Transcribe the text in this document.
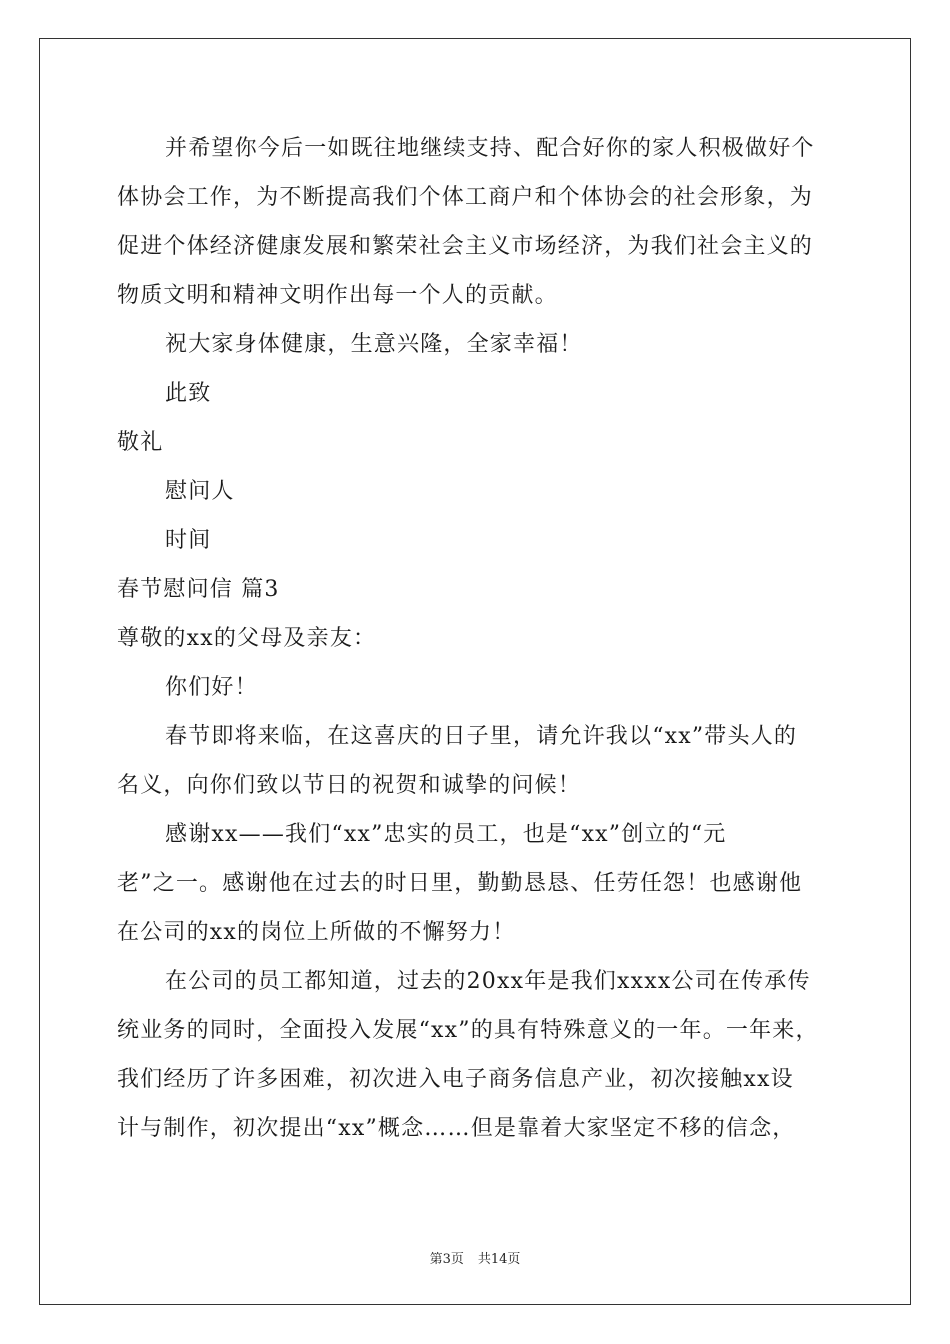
并希望你今后一如既往地继续支持、配合好你的家人积极做好个
体协会工作，为不断提高我们个体工商户和个体协会的社会形象，为
促进个体经济健康发展和繁荣社会主义市场经济，为我们社会主义的
物质文明和精神文明作出每一个人的贡献。
祝大家身体健康，生意兴隆，全家幸福！
此致
敬礼
慰问人
时间
春节慰问信 篇3
尊敬的xx的父母及亲友：
你们好！
春节即将来临，在这喜庆的日子里，请允许我以“xx”带头人的
名义，向你们致以节日的祝贺和诚挚的问候！
感谢xx——我们“xx”忠实的员工，也是“xx”创立的“元
老”之一。感谢他在过去的时日里，勤勤恳恳、任劳任怨！也感谢他
在公司的xx的岗位上所做的不懈努力！
在公司的员工都知道，过去的20xx年是我们xxxx公司在传承传
统业务的同时，全面投入发展“xx”的具有特殊意义的一年。一年来，
我们经历了许多困难，初次进入电子商务信息产业，初次接触xx设
计与制作，初次提出“xx”概念……但是靠着大家坚定不移的信念，
第3页 共14页
